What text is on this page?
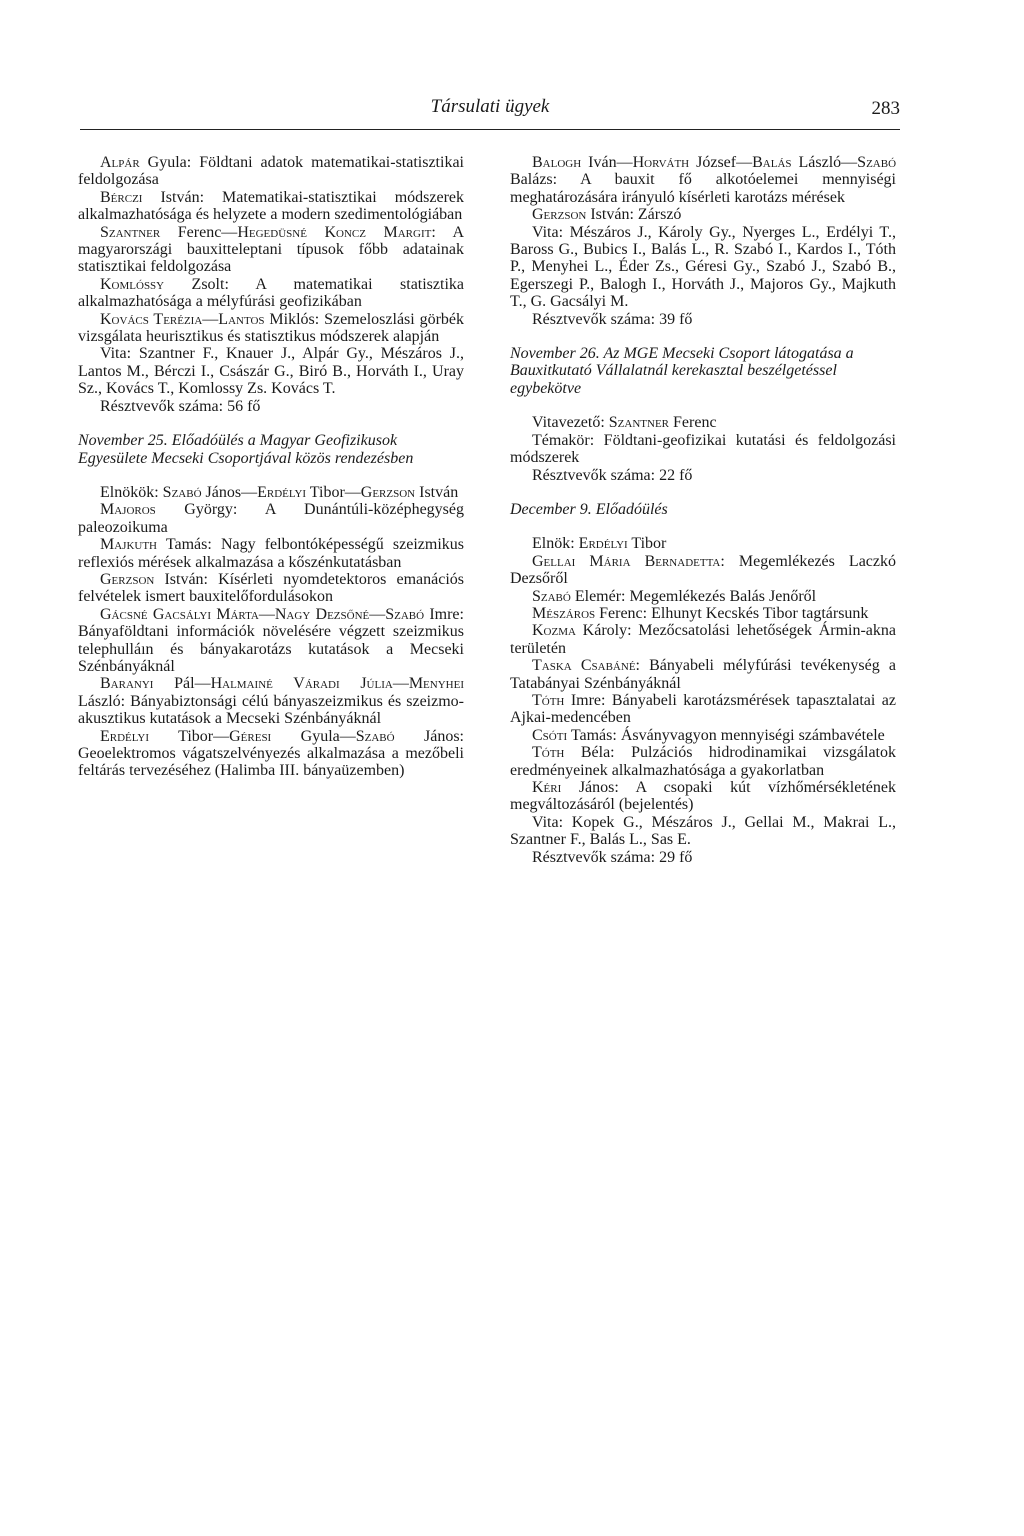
Társulati ügyek	283

Alpár Gyula: Földtani adatok matematikai-statisztikai feldolgozása

Bérczi István: Matematikai-statisztikai módszerek alkalmazhatósága és helyzete a modern szedimentológiában

Szantner Ferenc—Hegedüsné Koncz Margit: A magyarországi bauxitteleptani típusok főbb adatainak statisztikai feldolgozása

Komlóssy Zsolt: A matematikai statisztika alkalmazhatósága a mélyfúrási geofizikában

Kovács Terézia—Lantos Miklós: Szemeloszlási görbék vizsgálata heurisztikus és statisztikus módszerek alapján

Vita: Szantner F., Knauer J., Alpár Gy., Mészáros J., Lantos M., Bérczi I., Császár G., Biró B., Horváth I., Uray Sz., Kovács T., Komlossy Zs. Kovács T.

Résztvevők száma: 56 fő

November 25. Előadóülés a Magyar Geofizikusok Egyesülete Mecseki Csoportjával közös rendezésben

Elnökök: Szabó János—Erdélyi Tibor—Gerzson István

Majoros György: A Dunántúli-középhegység paleozoikuma

Majkuth Tamás: Nagy felbontóképességű szeizmikus reflexiós mérések alkalmazása a kőszénkutatásban

Gerzson István: Kísérleti nyomdetektoros emanációs felvételek ismert bauxitelőfordulásokon

Gácsné Gacsályi Márta—Nagy Dezsőné—Szabó Imre: Bányaföldtani információk növelésére végzett szeizmikus telephulláın és bányakarotázs kutatások a Mecseki Szénbányáknál

Baranyi Pál—Halmainé Váradi Júlia—Menyhei László: Bányabiztonsági célú bányaszeizmikus és szeizmo-akusztikus kutatások a Mecseki Szénbányáknál

Erdélyi Tibor—Géresi Gyula—Szabó János: Geoelektromos vágatszelvényezés alkalmazása a mezőbeli feltárás tervezéséhez (Halimba III. bányaüzemben)

Balogh Iván—Horváth József—Balás László—Szabó Balázs: A bauxit fő alkotóelemei mennyiségi meghatározására irányuló kísérleti karotázs mérések

Gerzson István: Zárszó

Vita: Mészáros J., Károly Gy., Nyerges L., Erdélyi T., Baross G., Bubics I., Balás L., R. Szabó I., Kardos I., Tóth P., Menyhei L., Éder Zs., Géresi Gy., Szabó J., Szabó B., Egerszegi P., Balogh I., Horváth J., Majoros Gy., Majkuth T., G. Gacsályi M.

Résztvevők száma: 39 fő

November 26. Az MGE Mecseki Csoport látogatása a Bauxitkutató Vállalatnál kerekasztal beszélgetéssel egybekötve

Vitavezető: Szantner Ferenc

Témakör: Földtani-geofizikai kutatási és feldolgozási módszerek

Résztvevők száma: 22 fő

December 9. Előadóülés

Elnök: Erdélyi Tibor

Gellai Mária Bernadetta: Megemlékezés Laczkó Dezsőről

Szabó Elemér: Megemlékezés Balás Jenőről

Mészáros Ferenc: Elhunyt Kecskés Tibor tagtársunk

Kozma Károly: Mezőcsatolási lehetőségek Ármin-akna területén

Taska Csabáné: Bányabeli mélyfúrási tevékenység a Tatabányai Szénbányáknál

Tóth Imre: Bányabeli karotázsmérések tapasztalatai az Ajkai-medencében

Csóti Tamás: Ásványvagyon mennyiségi számbavétele

Tóth Béla: Pulzációs hidrodinamikai vizsgálatok eredményeinek alkalmazhatósága a gyakorlatban

Kéri János: A csopaki kút vízhőmérsékletének megváltozásáról (bejelentés)

Vita: Kopek G., Mészáros J., Gellai M., Makrai L., Szantner F., Balás L., Sas E.

Résztvevők száma: 29 fő
